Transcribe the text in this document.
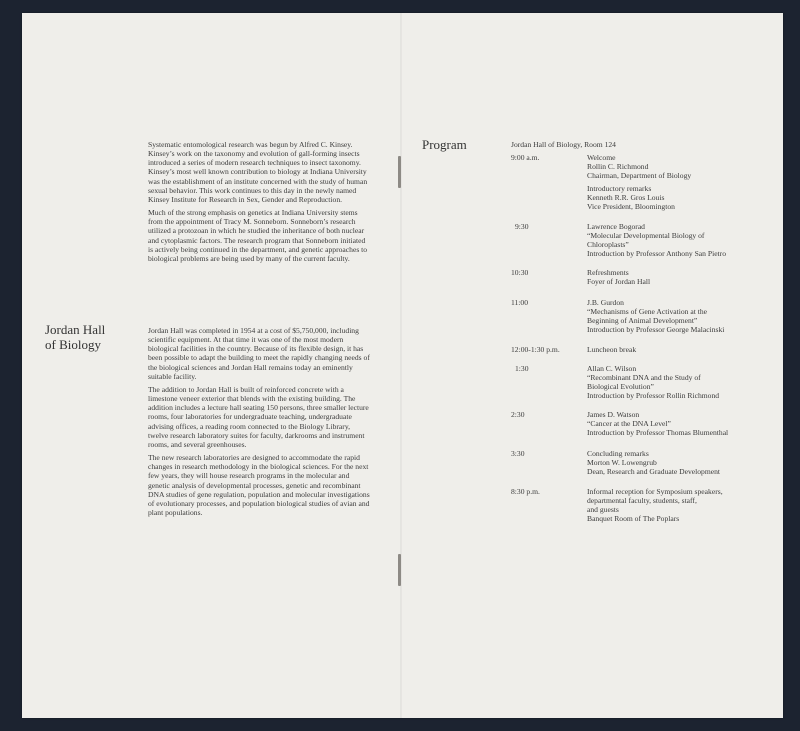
Jordan Hall
of Biology

Systematic entomological research was begun by Alfred C. Kinsey. Kinsey’s work on the taxonomy and evolution of gall-forming insects introduced a series of modern research techniques to insect taxonomy. Kinsey’s most well known contribution to biology at Indiana University was the establishment of an institute concerned with the study of human sexual behavior. This work continues to this day in the newly named Kinsey Institute for Research in Sex, Gender and Reproduction.

Much of the strong emphasis on genetics at Indiana University stems from the appointment of Tracy M. Sonneborn. Sonneborn’s research utilized a protozoan in which he studied the inheritance of both nuclear and cytoplasmic factors. The research program that Sonneborn initiated is actively being continued in the department, and genetic approaches to biological problems are being used by many of the current faculty.

Jordan Hall was completed in 1954 at a cost of $5,750,000, including scientific equipment. At that time it was one of the most modern biological facilities in the country. Because of its flexible design, it has been possible to adapt the building to meet the rapidly changing needs of the biological sciences and Jordan Hall remains today an eminently suitable facility.

The addition to Jordan Hall is built of reinforced concrete with a limestone veneer exterior that blends with the existing building. The addition includes a lecture hall seating 150 persons, three smaller lecture rooms, four laboratories for undergraduate teaching, undergraduate advising offices, a reading room connected to the Biology Library, twelve research laboratory suites for faculty, darkrooms and instrument rooms, and several greenhouses.

The new research laboratories are designed to accommodate the rapid changes in research methodology in the biological sciences. For the next few years, they will house research programs in the molecular and genetic analysis of developmental processes, genetic and recombinant DNA studies of gene regulation, population and molecular investigations of evolutionary processes, and population biological studies of avian and plant populations.

Program	Jordan Hall of Biology, Room 124
9:00 a.m.	Welcome
Rollin C. Richmond
Chairman, Department of Biology
Introductory remarks
Kenneth R.R. Gros Louis
Vice President, Bloomington
9:30	Lawrence Bogorad
“Molecular Developmental Biology of
Chloroplasts”
Introduction by Professor Anthony San Pietro
10:30	Refreshments
Foyer of Jordan Hall
11:00	J.B. Gurdon
“Mechanisms of Gene Activation at the
Beginning of Animal Development”
Introduction by Professor George Malacinski
12:00-1:30 p.m.	Luncheon break
1:30	Allan C. Wilson
“Recombinant DNA and the Study of
Biological Evolution”
Introduction by Professor Rollin Richmond
2:30	James D. Watson
“Cancer at the DNA Level”
Introduction by Professor Thomas Blumenthal
3:30	Concluding remarks
Morton W. Lowengrub
Dean, Research and Graduate Development
8:30 p.m.	Informal reception for Symposium speakers,
departmental faculty, students, staff,
and guests
Banquet Room of The Poplars
